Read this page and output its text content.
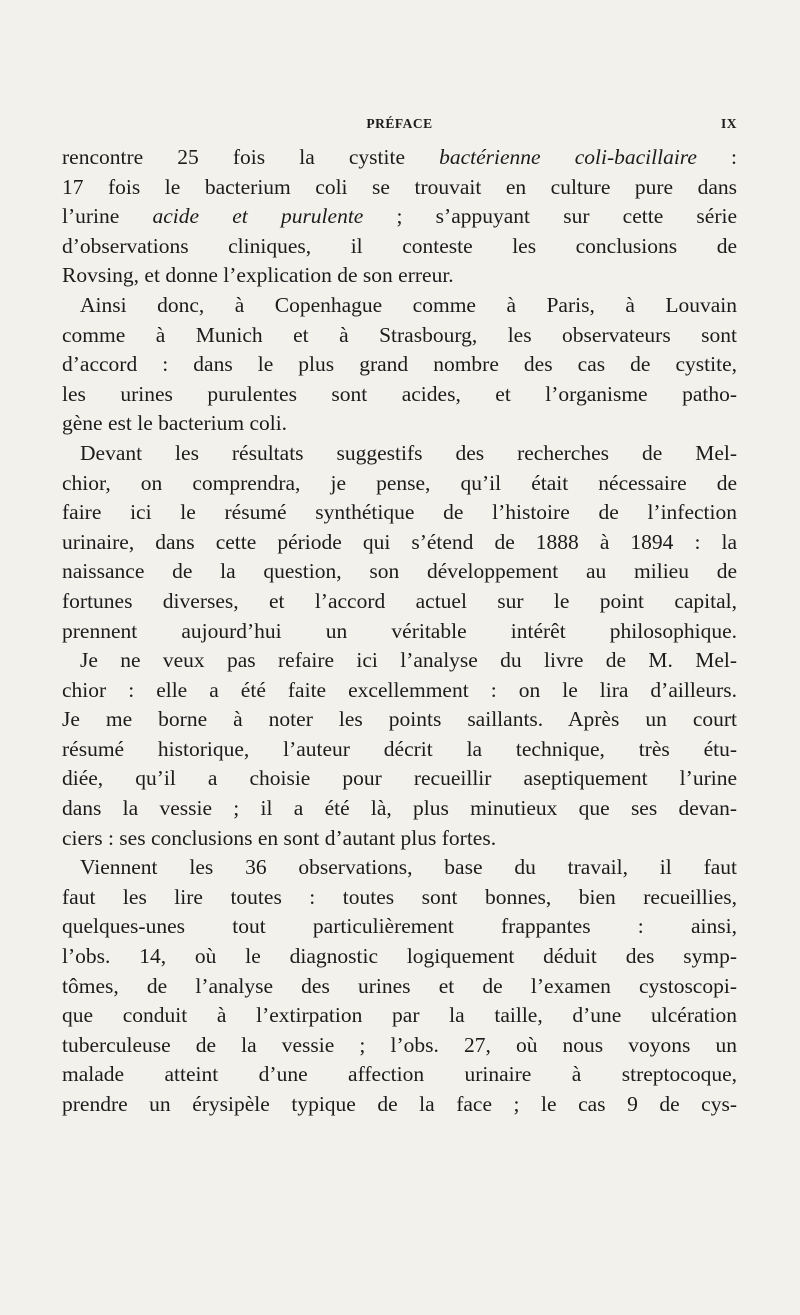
PRÉFACE	IX
rencontre 25 fois la cystite bactérienne coli-bacillaire :
17 fois le bacterium coli se trouvait en culture pure dans
l’urine acide et purulente ; s’appuyant sur cette série
d’observations cliniques, il conteste les conclusions de
Rovsing, et donne l’explication de son erreur.
Ainsi donc, à Copenhague comme à Paris, à Louvain
comme à Munich et à Strasbourg, les observateurs sont
d’accord : dans le plus grand nombre des cas de cystite,
les urines purulentes sont acides, et l’organisme patho-
gène est le bacterium coli.
Devant les résultats suggestifs des recherches de Mel-
chior, on comprendra, je pense, qu’il était nécessaire de
faire ici le résumé synthétique de l’histoire de l’infection
urinaire, dans cette période qui s’étend de 1888 à 1894 : la
naissance de la question, son développement au milieu de
fortunes diverses, et l’accord actuel sur le point capital,
prennent aujourd’hui un véritable intérêt philosophique.
Je ne veux pas refaire ici l’analyse du livre de M. Mel-
chior : elle a été faite excellemment : on le lira d’ailleurs.
Je me borne à noter les points saillants. Après un court
résumé historique, l’auteur décrit la technique, très étu-
diée, qu’il a choisie pour recueillir aseptiquement l’urine
dans la vessie ; il a été là, plus minutieux que ses devan-
ciers : ses conclusions en sont d’autant plus fortes.
Viennent les 36 observations, base du travail, il faut
faut les lire toutes : toutes sont bonnes, bien recueillies,
quelques-unes tout particulièrement frappantes : ainsi,
l’obs. 14, où le diagnostic logiquement déduit des symp-
tômes, de l’analyse des urines et de l’examen cystoscopi-
que conduit à l’extirpation par la taille, d’une ulcération
tuberculeuse de la vessie ; l’obs. 27, où nous voyons un
malade atteint d’une affection urinaire à streptocoque,
prendre un érysipèle typique de la face ; le cas 9 de cys-
